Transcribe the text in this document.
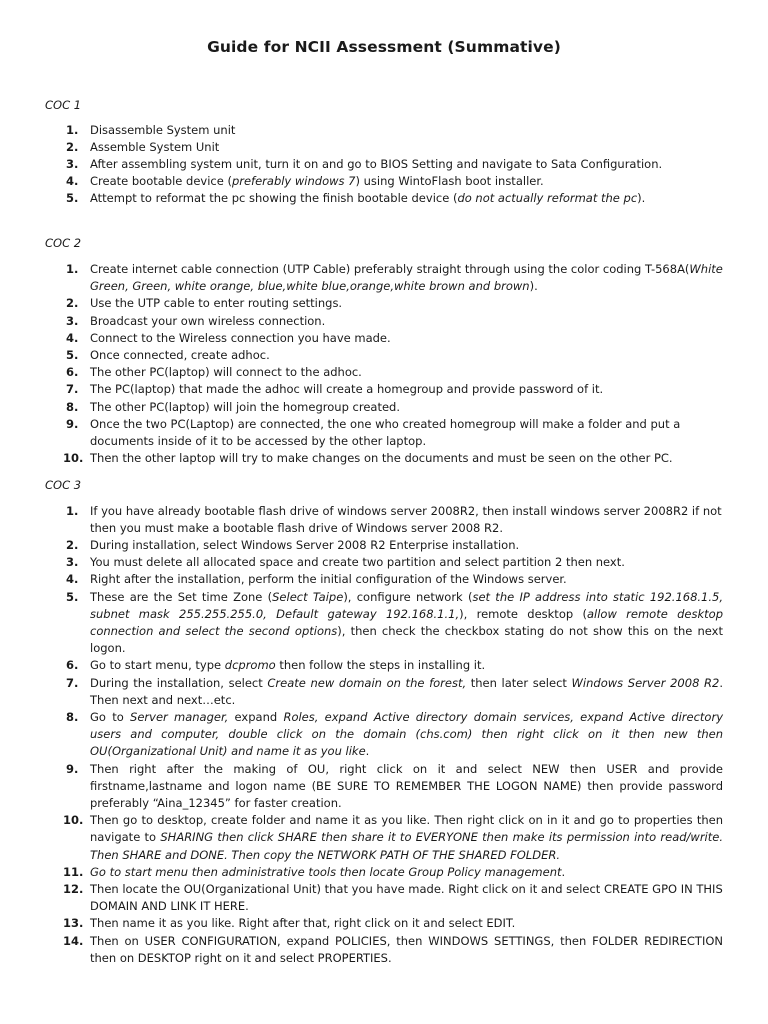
Guide for NCII Assessment (Summative)
COC 1
1.	Disassemble System unit
2.	Assemble System Unit
3.	After assembling system unit, turn it on and go to BIOS Setting and navigate to Sata Configuration.
4.	Create bootable device (preferably windows 7) using WintoFlash boot installer.
5.	Attempt to reformat the pc showing the finish bootable device (do not actually reformat the pc).
COC 2
1.	Create internet cable connection (UTP Cable) preferably straight through using the color coding T-568A(White Green, Green, white orange, blue,white blue,orange,white brown and brown).
2.	Use the UTP cable to enter routing settings.
3.	Broadcast your own wireless connection.
4.	Connect to the Wireless connection you have made.
5.	Once connected, create adhoc.
6.	The other PC(laptop) will connect to the adhoc.
7.	The PC(laptop) that made the adhoc will create a homegroup and provide password of it.
8.	The other PC(laptop) will join the homegroup created.
9.	Once the two PC(Laptop) are connected, the one who created homegroup will make a folder and put a documents inside of it to be accessed by the other laptop.
10. Then the other laptop will try to make changes on the documents and must be seen on the other PC.
COC 3
1.	If you have already bootable flash drive of windows server 2008R2, then install windows server 2008R2 if not then you must make a bootable flash drive of Windows server 2008 R2.
2.	During installation, select Windows Server 2008 R2 Enterprise installation.
3.	You must delete all allocated space and create two partition and select partition 2 then next.
4.	Right after the installation, perform the initial configuration of the Windows server.
5.	These are the Set time Zone (Select Taipe), configure network (set the IP address into static 192.168.1.5, subnet mask 255.255.255.0, Default gateway 192.168.1.1,), remote desktop (allow remote desktop connection and select the second options), then check the checkbox stating do not show this on the next logon.
6.	Go to start menu, type dcpromo then follow the steps in installing it.
7.	During the installation, select Create new domain on the forest, then later select Windows Server 2008 R2. Then next and next…etc.
8.	Go to Server manager, expand Roles, expand Active directory domain services, expand Active directory users and computer, double click on the domain (chs.com) then right click on it then new then OU(Organizational Unit) and name it as you like.
9.	Then right after the making of OU, right click on it and select NEW then USER and provide firstname,lastname and logon name (BE SURE TO REMEMBER THE LOGON NAME) then provide password preferably “Aina_12345” for faster creation.
10. Then go to desktop, create folder and name it as you like. Then right click on in it and go to properties then navigate to SHARING then click SHARE then share it to EVERYONE then make its permission into read/write. Then SHARE and DONE. Then copy the NETWORK PATH OF THE SHARED FOLDER.
11. Go to start menu then administrative tools then locate Group Policy management.
12. Then locate the OU(Organizational Unit) that you have made. Right click on it and select CREATE GPO IN THIS DOMAIN AND LINK IT HERE.
13. Then name it as you like. Right after that, right click on it and select EDIT.
14. Then on USER CONFIGURATION, expand POLICIES, then WINDOWS SETTINGS, then FOLDER REDIRECTION then on DESKTOP right on it and select PROPERTIES.
